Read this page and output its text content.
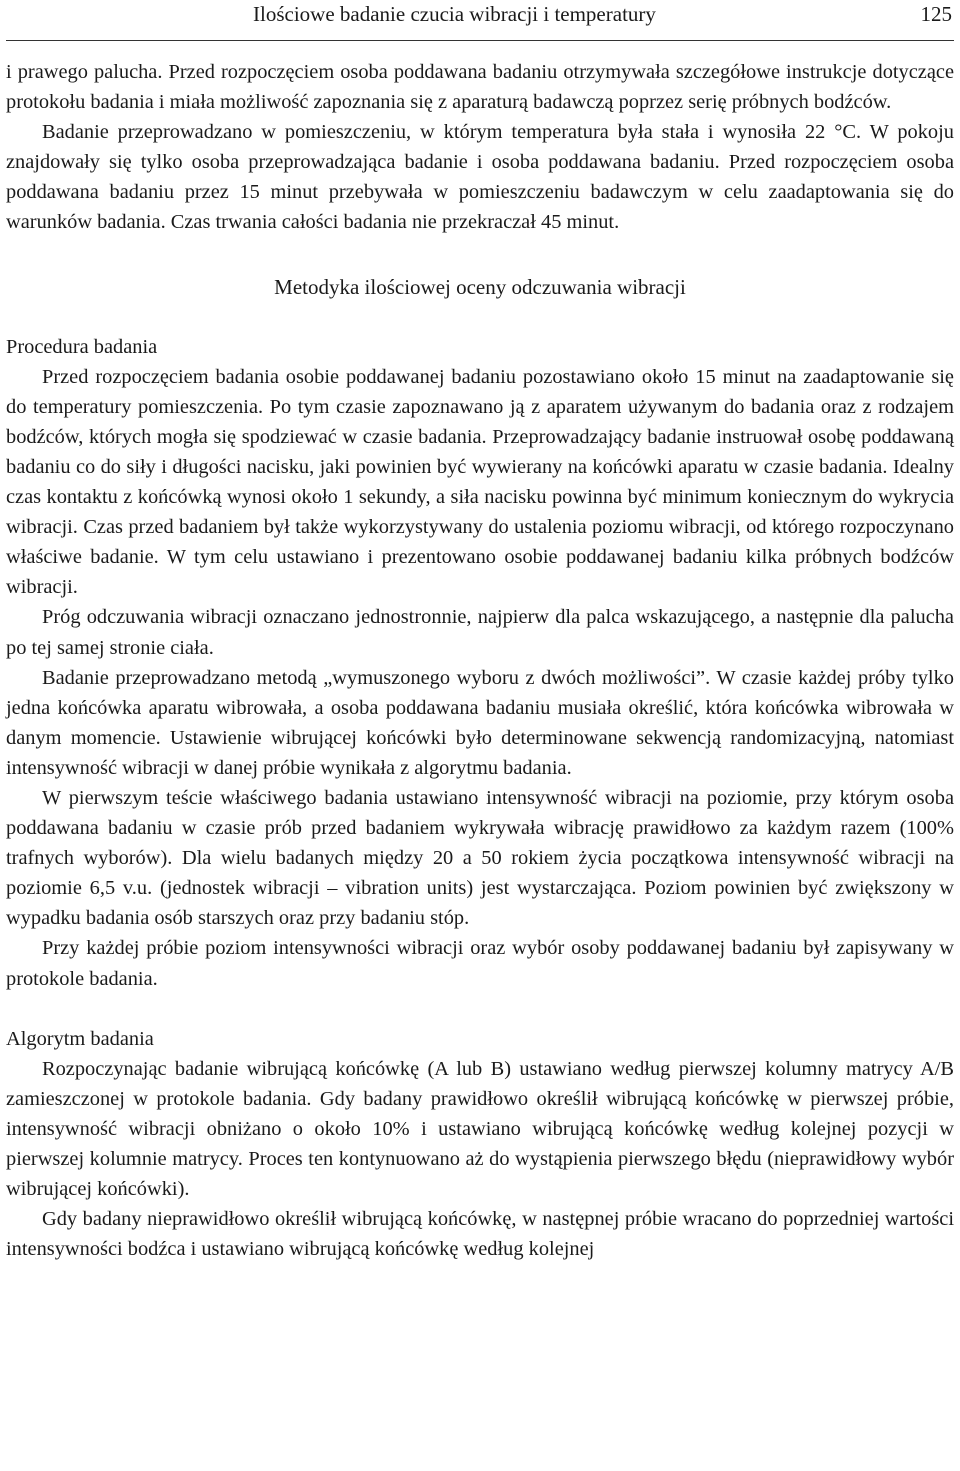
Ilościowe badanie czucia wibracji i temperatury	125

i prawego palucha. Przed rozpoczęciem osoba poddawana badaniu otrzymywała szczegółowe instrukcje dotyczące protokołu badania i miała możliwość zapoznania się z aparaturą badawczą poprzez serię próbnych bodźców.

Badanie przeprowadzano w pomieszczeniu, w którym temperatura była stała i wynosiła 22 °C. W pokoju znajdowały się tylko osoba przeprowadzająca badanie i osoba poddawana badaniu. Przed rozpoczęciem osoba poddawana badaniu przez 15 minut przebywała w pomieszczeniu badawczym w celu zaadaptowania się do warunków badania. Czas trwania całości badania nie przekraczał 45 minut.

Metodyka ilościowej oceny odczuwania wibracji
Procedura badania

Przed rozpoczęciem badania osobie poddawanej badaniu pozostawiano około 15 minut na zaadaptowanie się do temperatury pomieszczenia. Po tym czasie zapoznawano ją z aparatem używanym do badania oraz z rodzajem bodźców, których mogła się spodziewać w czasie badania. Przeprowadzający badanie instruował osobę poddawaną badaniu co do siły i długości nacisku, jaki powinien być wywierany na końcówki aparatu w czasie badania. Idealny czas kontaktu z końcówką wynosi około 1 sekundy, a siła nacisku powinna być minimum koniecznym do wykrycia wibracji. Czas przed badaniem był także wykorzystywany do ustalenia poziomu wibracji, od którego rozpoczynano właściwe badanie. W tym celu ustawiano i prezentowano osobie poddawanej badaniu kilka próbnych bodźców wibracji.

Próg odczuwania wibracji oznaczano jednostronnie, najpierw dla palca wskazującego, a następnie dla palucha po tej samej stronie ciała.

Badanie przeprowadzano metodą „wymuszonego wyboru z dwóch możliwości”. W czasie każdej próby tylko jedna końcówka aparatu wibrowała, a osoba poddawana badaniu musiała określić, która końcówka wibrowała w danym momencie. Ustawienie wibrującej końcówki było determinowane sekwencją randomizacyjną, natomiast intensywność wibracji w danej próbie wynikała z algorytmu badania.

W pierwszym teście właściwego badania ustawiano intensywność wibracji na poziomie, przy którym osoba poddawana badaniu w czasie prób przed badaniem wykrywała wibrację prawidłowo za każdym razem (100% trafnych wyborów). Dla wielu badanych między 20 a 50 rokiem życia początkowa intensywność wibracji na poziomie 6,5 v.u. (jednostek wibracji – vibration units) jest wystarczająca. Poziom powinien być zwiększony w wypadku badania osób starszych oraz przy badaniu stóp.

Przy każdej próbie poziom intensywności wibracji oraz wybór osoby poddawanej badaniu był zapisywany w protokole badania.

Algorytm badania

Rozpoczynając badanie wibrującą końcówkę (A lub B) ustawiano według pierwszej kolumny matrycy A/B zamieszczonej w protokole badania. Gdy badany prawidłowo określił wibrującą końcówkę w pierwszej próbie, intensywność wibracji obniżano o około 10% i ustawiano wibrującą końcówkę według kolejnej pozycji w pierwszej kolumnie matrycy. Proces ten kontynuowano aż do wystąpienia pierwszego błędu (nieprawidłowy wybór wibrującej końcówki).

Gdy badany nieprawidłowo określił wibrującą końcówkę, w następnej próbie wracano do poprzedniej wartości intensywności bodźca i ustawiano wibrującą końcówkę według kolejnej
